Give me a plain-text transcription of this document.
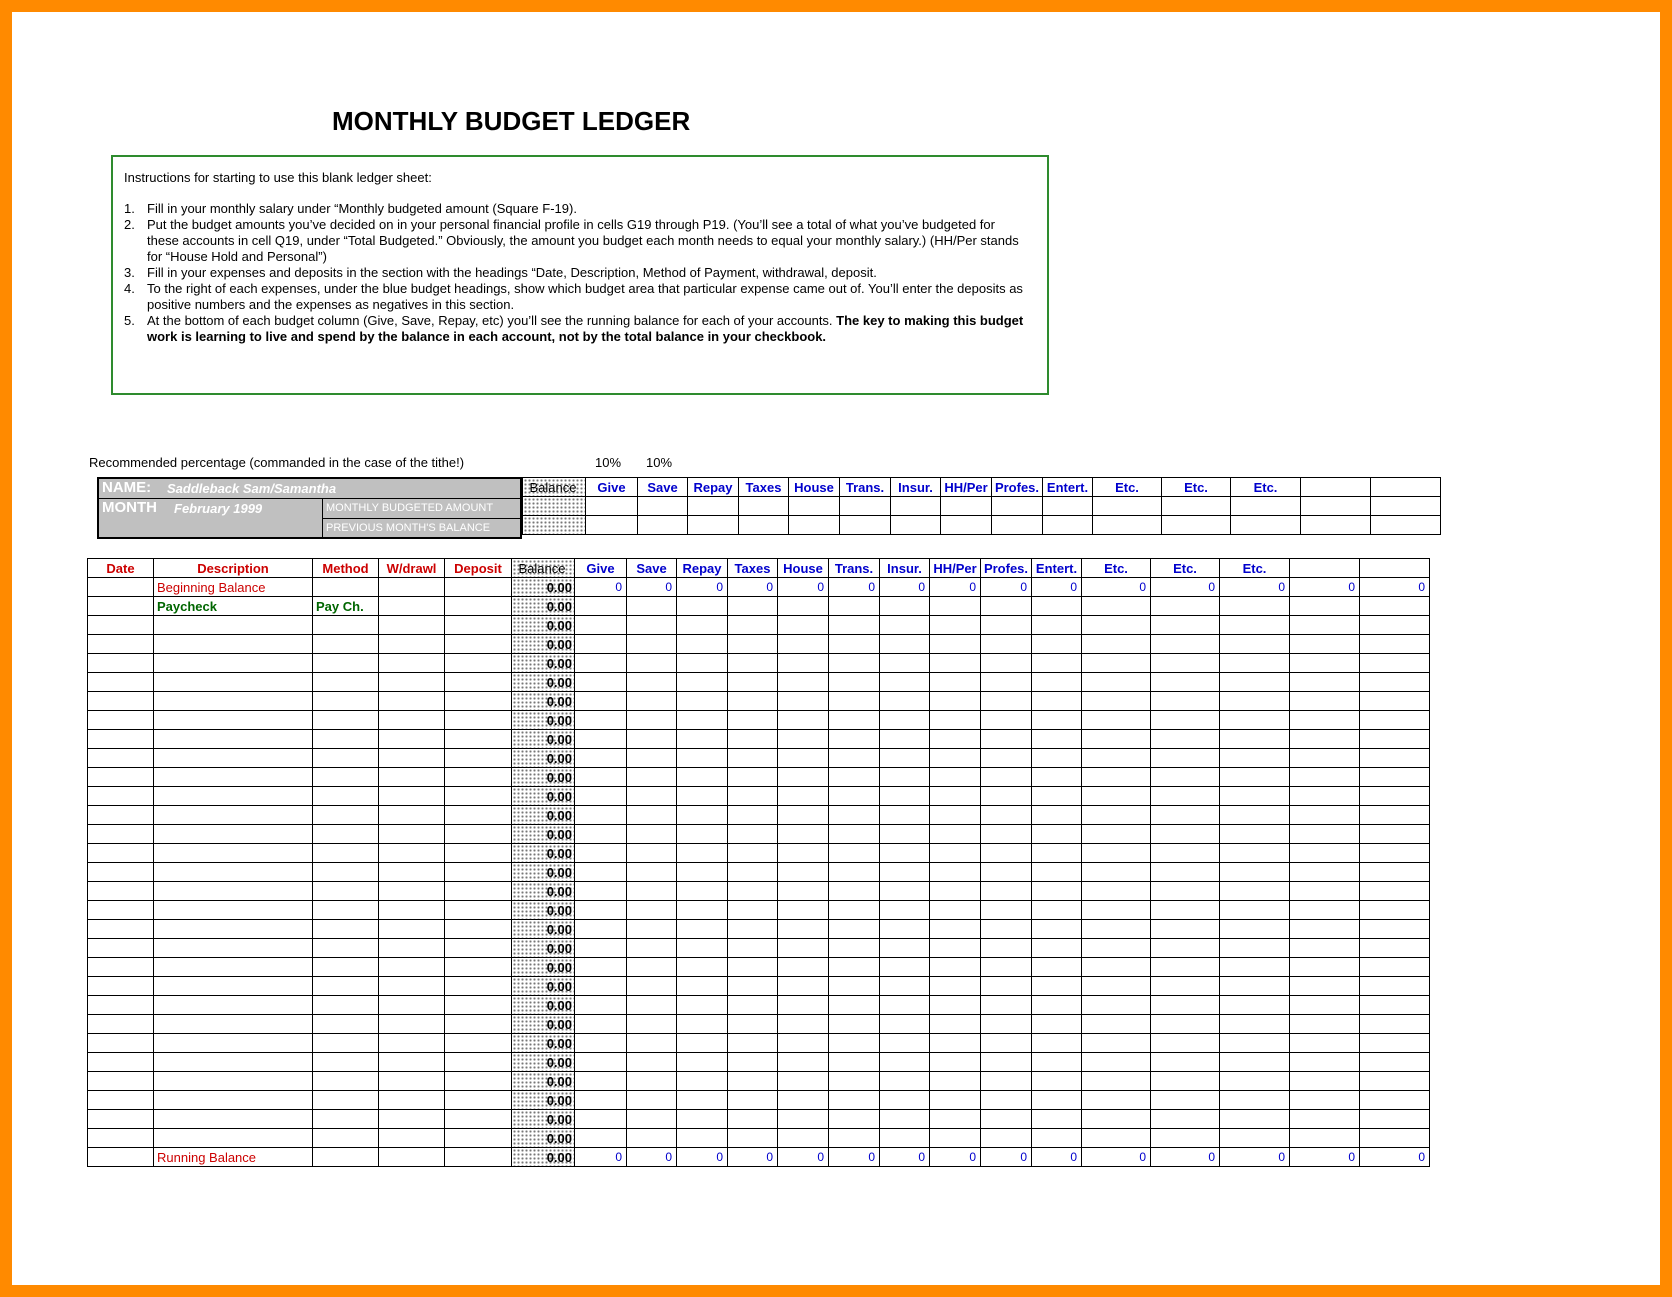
MONTHLY BUDGET LEDGER
Instructions for starting to use this blank ledger sheet:
1. Fill in your monthly salary under “Monthly budgeted amount (Square F-19).
2. Put the budget amounts you’ve decided on in your personal financial profile in cells G19 through P19. (You’ll see a total of what you’ve budgeted for these accounts in cell Q19, under “Total Budgeted.” Obviously, the amount you budget each month needs to equal your monthly salary.) (HH/Per stands for “House Hold and Personal”)
3. Fill in your expenses and deposits in the section with the headings “Date, Description, Method of Payment, withdrawal, deposit.
4. To the right of each expenses, under the blue budget headings, show which budget area that particular expense came out of. You’ll enter the deposits as positive numbers and the expenses as negatives in this section.
5. At the bottom of each budget column (Give, Save, Repay, etc) you’ll see the running balance for each of your accounts. The key to making this budget work is learning to live and spend by the balance in each account, not by the total balance in your checkbook.
Recommended percentage (commanded in the case of the tithe!)	10% 10%
Balance	Give	Save	Repay	Taxes	House	Trans.	Insur.	HH/Per	Profes.	Entert.	Etc.	Etc.	Etc.		

NAME: Saddleback Sam/Samantha
MONTH February 1999	MONTHLY BUDGETED AMOUNT
PREVIOUS MONTH'S BALANCE
Date	Description	Method	W/drawl	Deposit	Balance	Give	Save	Repay	Taxes	House	Trans.	Insur.	HH/Per	Profes.	Entert.	Etc.	Etc.	Etc.		
	Beginning Balance				0.00	0	0	0	0	0	0	0	0	0	0	0	0	0	0	0
	Paycheck	Pay Ch.			0.00															
					0.00															
					0.00															
					0.00															
					0.00															
					0.00															
					0.00															
					0.00															
					0.00															
					0.00															
					0.00															
					0.00															
					0.00															
					0.00															
					0.00															
					0.00															
					0.00															
					0.00															
					0.00															
					0.00															
					0.00															
					0.00															
					0.00															
					0.00															
					0.00															
					0.00															
					0.00															
					0.00															
					0.00															
	Running Balance				0.00	0	0	0	0	0	0	0	0	0	0	0	0	0	0	0
